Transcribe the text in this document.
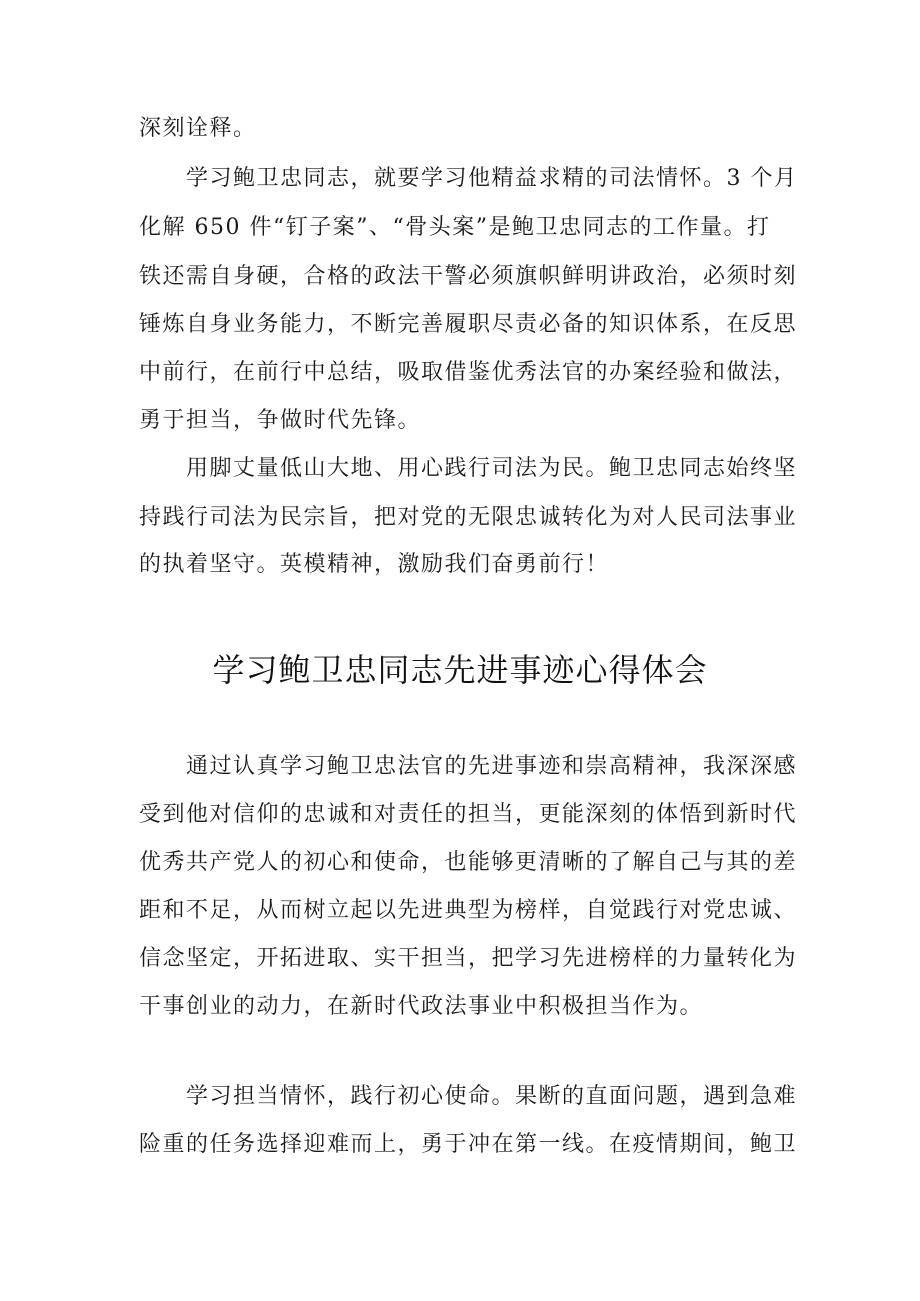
深刻诠释。
学习鲍卫忠同志，就要学习他精益求精的司法情怀。3 个月
化解 650 件“钉子案”、“骨头案”是鲍卫忠同志的工作量。打
铁还需自身硬，合格的政法干警必须旗帜鲜明讲政治，必须时刻
锤炼自身业务能力，不断完善履职尽责必备的知识体系，在反思
中前行，在前行中总结，吸取借鉴优秀法官的办案经验和做法，
勇于担当，争做时代先锋。
用脚丈量低山大地、用心践行司法为民。鲍卫忠同志始终坚
持践行司法为民宗旨，把对党的无限忠诚转化为对人民司法事业
的执着坚守。英模精神，激励我们奋勇前行！
学习鲍卫忠同志先进事迹心得体会
通过认真学习鲍卫忠法官的先进事迹和崇高精神，我深深感
受到他对信仰的忠诚和对责任的担当，更能深刻的体悟到新时代
优秀共产党人的初心和使命，也能够更清晰的了解自己与其的差
距和不足，从而树立起以先进典型为榜样，自觉践行对党忠诚、
信念坚定，开拓进取、实干担当，把学习先进榜样的力量转化为
干事创业的动力，在新时代政法事业中积极担当作为。
学习担当情怀，践行初心使命。果断的直面问题，遇到急难
险重的任务选择迎难而上，勇于冲在第一线。在疫情期间，鲍卫
